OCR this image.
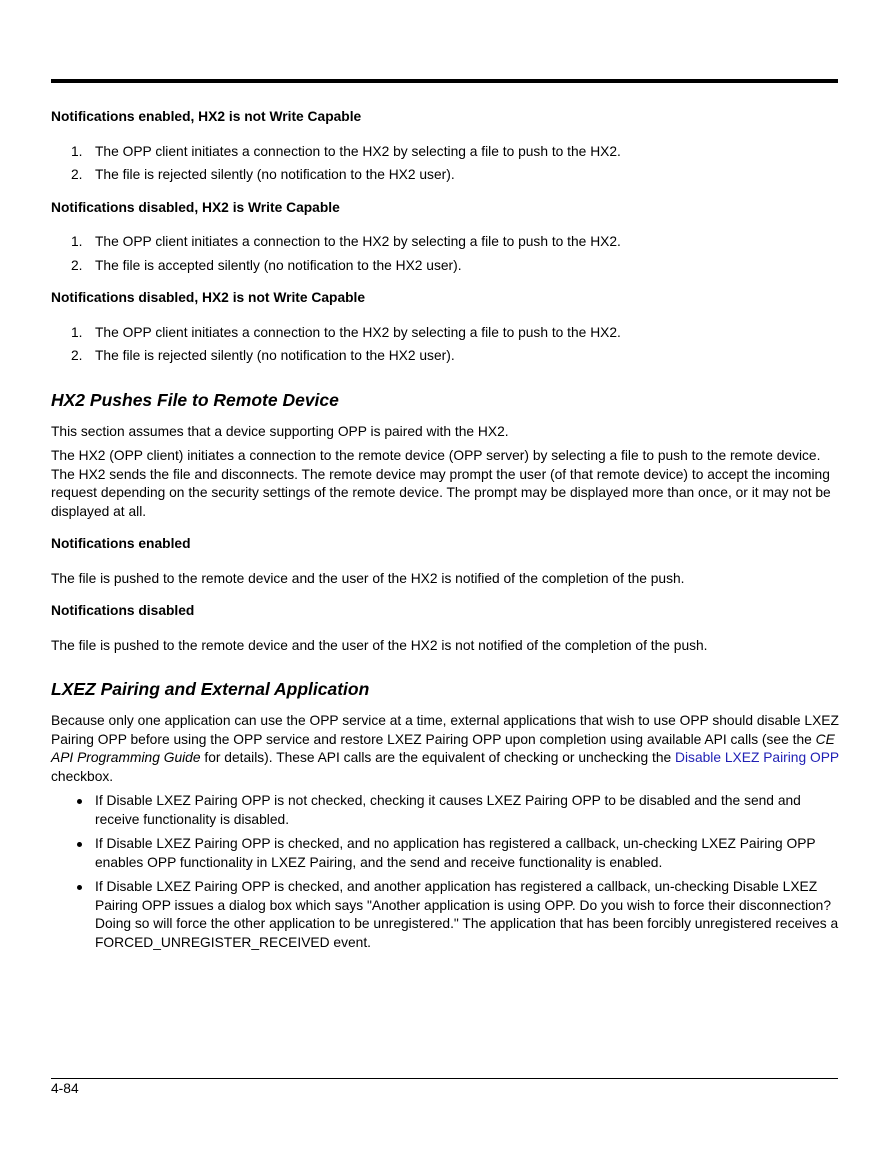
Notifications enabled, HX2 is not Write Capable

1. The OPP client initiates a connection to the HX2 by selecting a file to push to the HX2.
2. The file is rejected silently (no notification to the HX2 user).

Notifications disabled, HX2 is Write Capable

1. The OPP client initiates a connection to the HX2 by selecting a file to push to the HX2.
2. The file is accepted silently (no notification to the HX2 user).

Notifications disabled, HX2 is not Write Capable

1. The OPP client initiates a connection to the HX2 by selecting a file to push to the HX2.
2. The file is rejected silently (no notification to the HX2 user).
HX2 Pushes File to Remote Device

This section assumes that a device supporting OPP is paired with the HX2.

The HX2 (OPP client) initiates a connection to the remote device (OPP server) by selecting a file to push to the remote device. The HX2 sends the file and disconnects. The remote device may prompt the user (of that remote device) to accept the incoming request depending on the security settings of the remote device. The prompt may be displayed more than once, or it may not be displayed at all.

Notifications enabled

The file is pushed to the remote device and the user of the HX2 is notified of the completion of the push.

Notifications disabled

The file is pushed to the remote device and the user of the HX2 is not notified of the completion of the push.

LXEZ Pairing and External Application

Because only one application can use the OPP service at a time, external applications that wish to use OPP should disable LXEZ Pairing OPP before using the OPP service and restore LXEZ Pairing OPP upon completion using available API calls (see the CE API Programming Guide for details). These API calls are the equivalent of checking or unchecking the Disable LXEZ Pairing OPP checkbox.

If Disable LXEZ Pairing OPP is not checked, checking it causes LXEZ Pairing OPP to be disabled and the send and receive functionality is disabled.
If Disable LXEZ Pairing OPP is checked, and no application has registered a callback, un-checking LXEZ Pairing OPP enables OPP functionality in LXEZ Pairing, and the send and receive functionality is enabled.
If Disable LXEZ Pairing OPP is checked, and another application has registered a callback, un-checking Disable LXEZ Pairing OPP issues a dialog box which says "Another application is using OPP. Do you wish to force their disconnection? Doing so will force the other application to be unregistered." The application that has been forcibly unregistered receives a FORCED_UNREGISTER_RECEIVED event.
4-84
